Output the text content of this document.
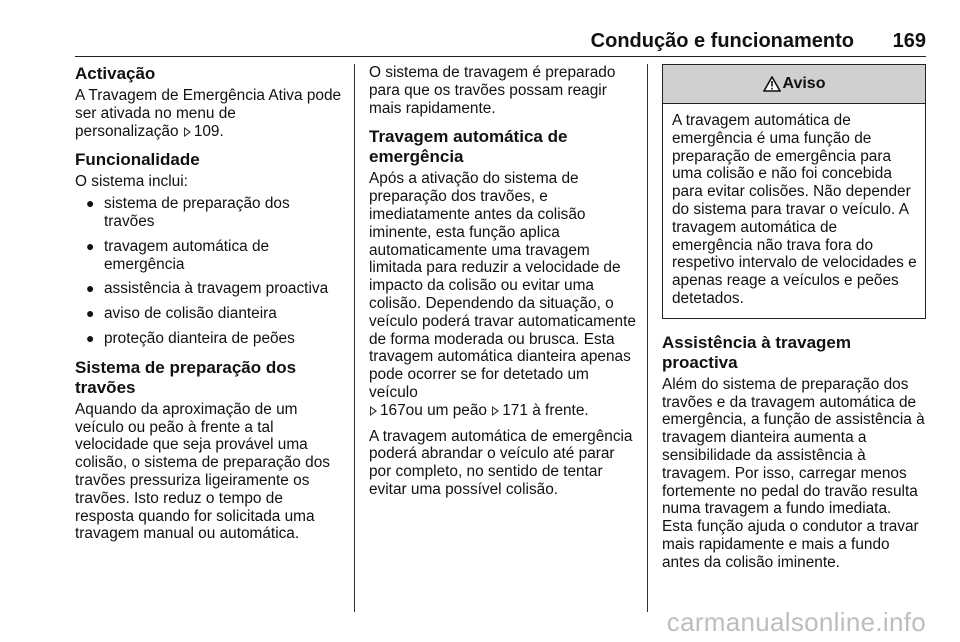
Condução e funcionamento 169
Activação

A Travagem de Emergência Ativa pode ser ativada no menu de personalização 109.

Funcionalidade

O sistema inclui:

● sistema de preparação dos travões
● travagem automática de emergência
● assistência à travagem proactiva
● aviso de colisão dianteira
● proteção dianteira de peões
Sistema de preparação dos travões

Aquando da aproximação de um veículo ou peão à frente a tal velocidade que seja provável uma colisão, o sistema de preparação dos travões pressuriza ligeiramente os travões. Isto reduz o tempo de resposta quando for solicitada uma travagem manual ou automática.

O sistema de travagem é preparado para que os travões possam reagir mais rapidamente.

Travagem automática de emergência

Após a ativação do sistema de preparação dos travões, e imediatamente antes da colisão iminente, esta função aplica automaticamente uma travagem limitada para reduzir a velocidade de impacto da colisão ou evitar uma colisão. Dependendo da situação, o veículo poderá travar automaticamente de forma moderada ou brusca. Esta travagem automática dianteira apenas pode ocorrer se for detetado um veículo
167ou um peão 171 à frente.

A travagem automática de emergência poderá abrandar o veículo até parar por completo, no sentido de tentar evitar uma possível colisão.

Aviso
A travagem automática de emergência é uma função de preparação de emergência para uma colisão e não foi concebida para evitar colisões. Não depender do sistema para travar o veículo. A travagem automática de emergência não trava fora do respetivo intervalo de velocidades e apenas reage a veículos e peões detetados.
Assistência à travagem proactiva

Além do sistema de preparação dos travões e da travagem automática de emergência, a função de assistência à travagem dianteira aumenta a sensibilidade da assistência à travagem. Por isso, carregar menos fortemente no pedal do travão resulta numa travagem a fundo imediata. Esta função ajuda o condutor a travar mais rapidamente e mais a fundo antes da colisão iminente.

carmanualsonline.info
